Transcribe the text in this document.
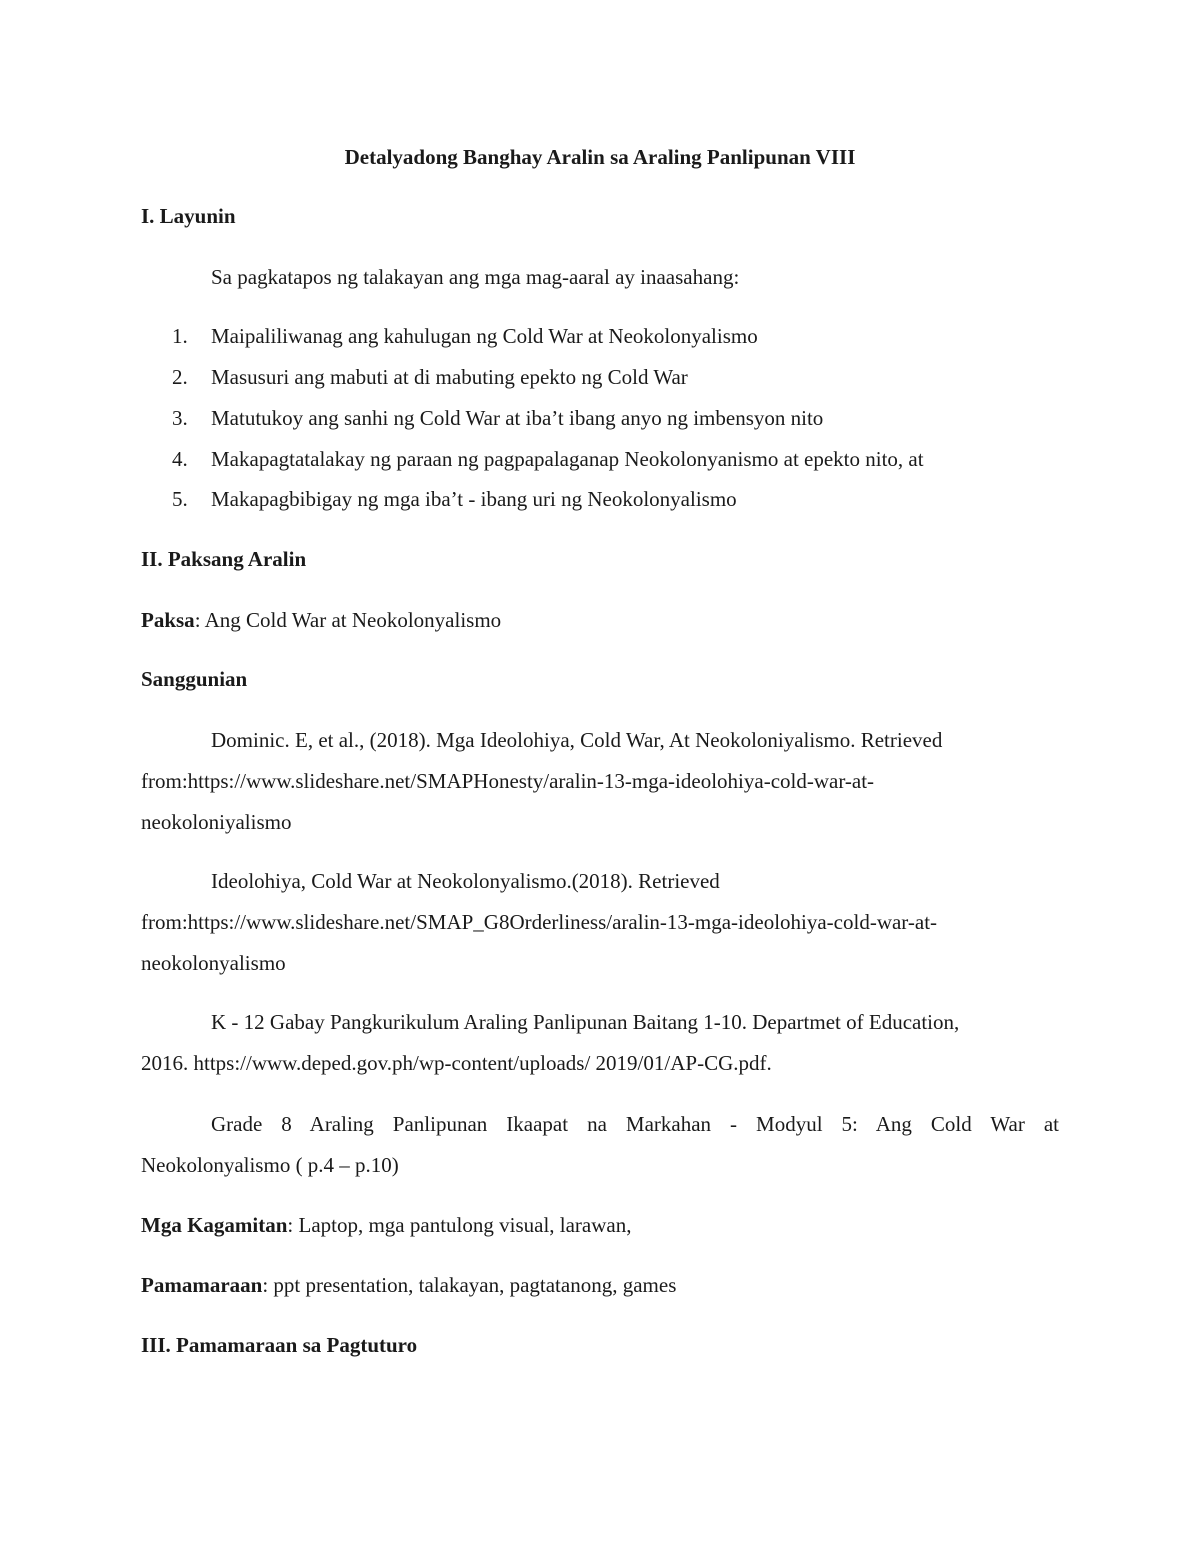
Detalyadong Banghay Aralin sa Araling Panlipunan VIII
I. Layunin
Sa pagkatapos ng talakayan ang mga mag-aaral ay inaasahang:
1. Maipaliliwanag ang kahulugan ng Cold War at Neokolonyalismo
2. Masusuri ang mabuti at di mabuting epekto ng Cold War
3. Matutukoy ang sanhi ng Cold War at iba’t ibang anyo ng imbensyon nito
4. Makapagtatalakay ng paraan ng pagpapalaganap Neokolonyanismo at epekto nito, at
5. Makapagbibigay ng mga iba’t - ibang uri ng Neokolonyalismo
II. Paksang Aralin
Paksa: Ang Cold War at Neokolonyalismo
Sanggunian
Dominic. E, et al., (2018). Mga Ideolohiya, Cold War, At Neokoloniyalismo. Retrieved
from:https://www.slideshare.net/SMAPHonesty/aralin-13-mga-ideolohiya-cold-war-at-
neokoloniyalismo
Ideolohiya, Cold War at Neokolonyalismo.(2018). Retrieved
from:https://www.slideshare.net/SMAP_G8Orderliness/aralin-13-mga-ideolohiya-cold-war-at-
neokolonyalismo
K - 12 Gabay Pangkurikulum Araling Panlipunan Baitang 1-10. Departmet of Education,
2016. https://www.deped.gov.ph/wp-content/uploads/ 2019/01/AP-CG.pdf.
Grade 8 Araling Panlipunan Ikaapat na Markahan - Modyul 5: Ang Cold War at
Neokolonyalismo ( p.4 – p.10)
Mga Kagamitan: Laptop, mga pantulong visual, larawan,
Pamamaraan: ppt presentation, talakayan, pagtatanong, games
III. Pamamaraan sa Pagtuturo
